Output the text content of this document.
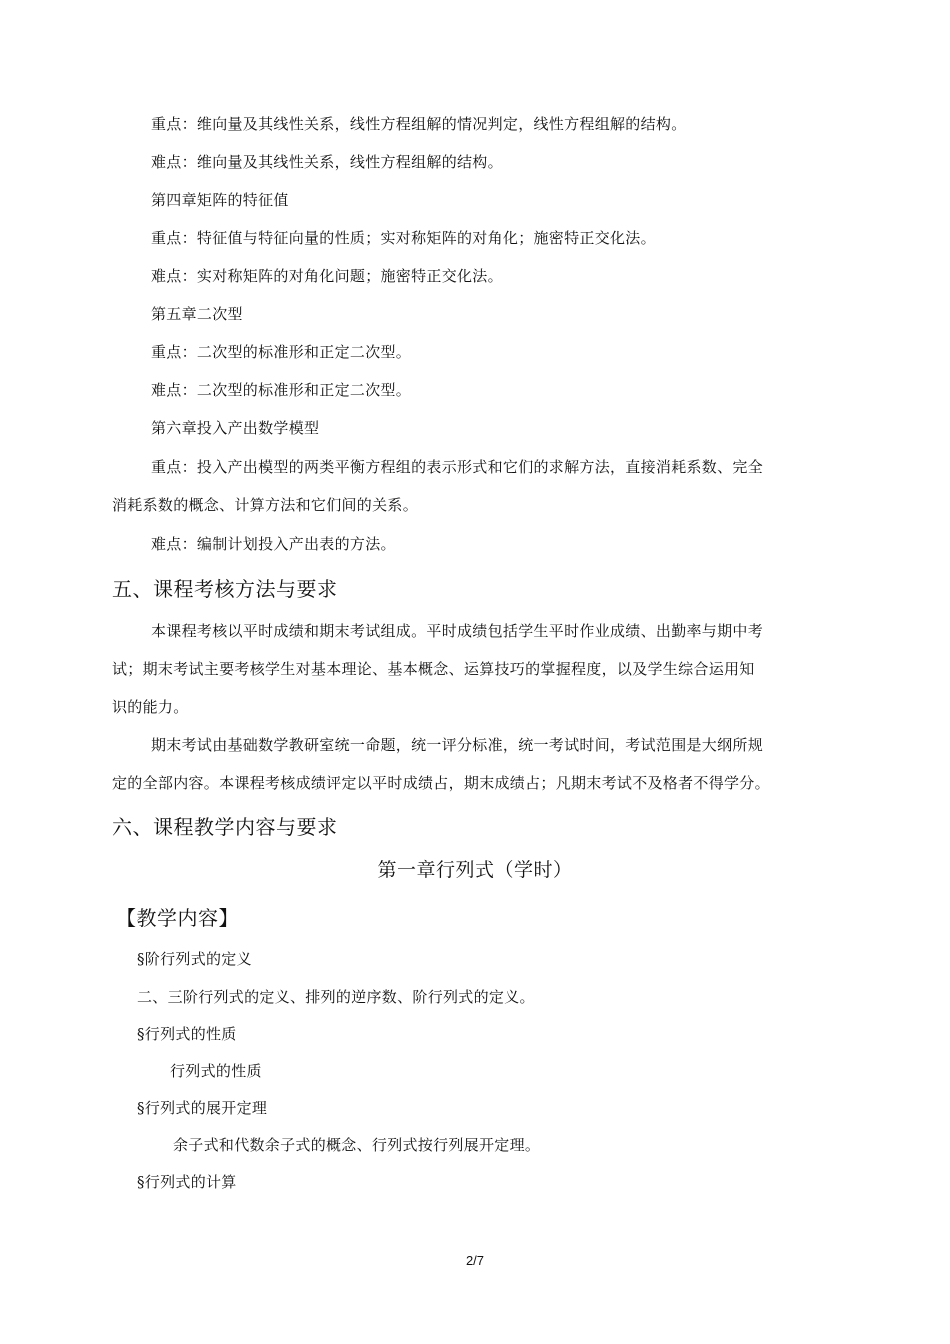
重点：维向量及其线性关系，线性方程组解的情况判定，线性方程组解的结构。
难点：维向量及其线性关系，线性方程组解的结构。
第四章矩阵的特征值
重点：特征值与特征向量的性质；实对称矩阵的对角化；施密特正交化法。
难点：实对称矩阵的对角化问题；施密特正交化法。
第五章二次型
重点：二次型的标准形和正定二次型。
难点：二次型的标准形和正定二次型。
第六章投入产出数学模型
重点：投入产出模型的两类平衡方程组的表示形式和它们的求解方法，直接消耗系数、完全
消耗系数的概念、计算方法和它们间的关系。
难点：编制计划投入产出表的方法。
五、课程考核方法与要求
本课程考核以平时成绩和期末考试组成。平时成绩包括学生平时作业成绩、出勤率与期中考
试；期末考试主要考核学生对基本理论、基本概念、运算技巧的掌握程度，以及学生综合运用知
识的能力。
期末考试由基础数学教研室统一命题，统一评分标准，统一考试时间，考试范围是大纲所规
定的全部内容。本课程考核成绩评定以平时成绩占，期末成绩占；凡期末考试不及格者不得学分。
六、课程教学内容与要求
第一章行列式（学时）
【教学内容】
§阶行列式的定义
二、三阶行列式的定义、排列的逆序数、阶行列式的定义。
§行列式的性质
行列式的性质
§行列式的展开定理
余子式和代数余子式的概念、行列式按行列展开定理。
§行列式的计算
2/7
